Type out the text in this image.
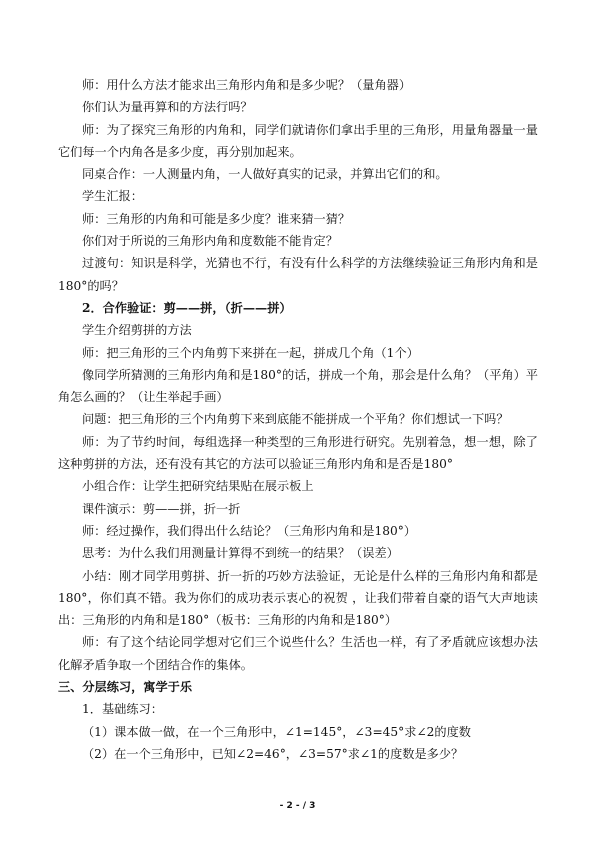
师：用什么方法才能求出三角形内角和是多少呢？（量角器）

你们认为量再算和的方法行吗？

师：为了探究三角形的内角和，同学们就请你们拿出手里的三角形，用量角器量一量它们每一个内角各是多少度，再分别加起来。

同桌合作：一人测量内角，一人做好真实的记录，并算出它们的和。

学生汇报：

师：三角形的内角和可能是多少度？谁来猜一猜？

你们对于所说的三角形内角和度数能不能肯定？

过渡句：知识是科学，光猜也不行，有没有什么科学的方法继续验证三角形内角和是180°的吗？

2．合作验证：剪——拼，（折——拼）

学生介绍剪拼的方法

师：把三角形的三个内角剪下来拼在一起，拼成几个角（1个）

像同学所猜测的三角形内角和是180°的话，拼成一个角，那会是什么角？（平角）平角怎么画的？（让生举起手画）

问题：把三角形的三个内角剪下来到底能不能拼成一个平角？你们想试一下吗？

师：为了节约时间，每组选择一种类型的三角形进行研究。先别着急，想一想，除了这种剪拼的方法，还有没有其它的方法可以验证三角形内角和是否是180°

小组合作：让学生把研究结果贴在展示板上

课件演示：剪——拼，折一折

师：经过操作，我们得出什么结论？（三角形内角和是180°）

思考：为什么我们用测量计算得不到统一的结果？（误差）

小结：刚才同学用剪拼、折一折的巧妙方法验证，无论是什么样的三角形内角和都是180°，你们真不错。我为你们的成功表示衷心的祝贺 ，让我们带着自豪的语气大声地读出：三角形的内角和是180°（板书：三角形的内角和是180°）

师：有了这个结论同学想对它们三个说些什么？生活也一样，有了矛盾就应该想办法化解矛盾争取一个团结合作的集体。

三、分层练习，寓学于乐

1．基础练习：

（1）课本做一做，在一个三角形中，∠1=145°，∠3=45°求∠2的度数

（2）在一个三角形中，已知∠2=46°，∠3=57°求∠1的度数是多少？

- 2 - / 3
